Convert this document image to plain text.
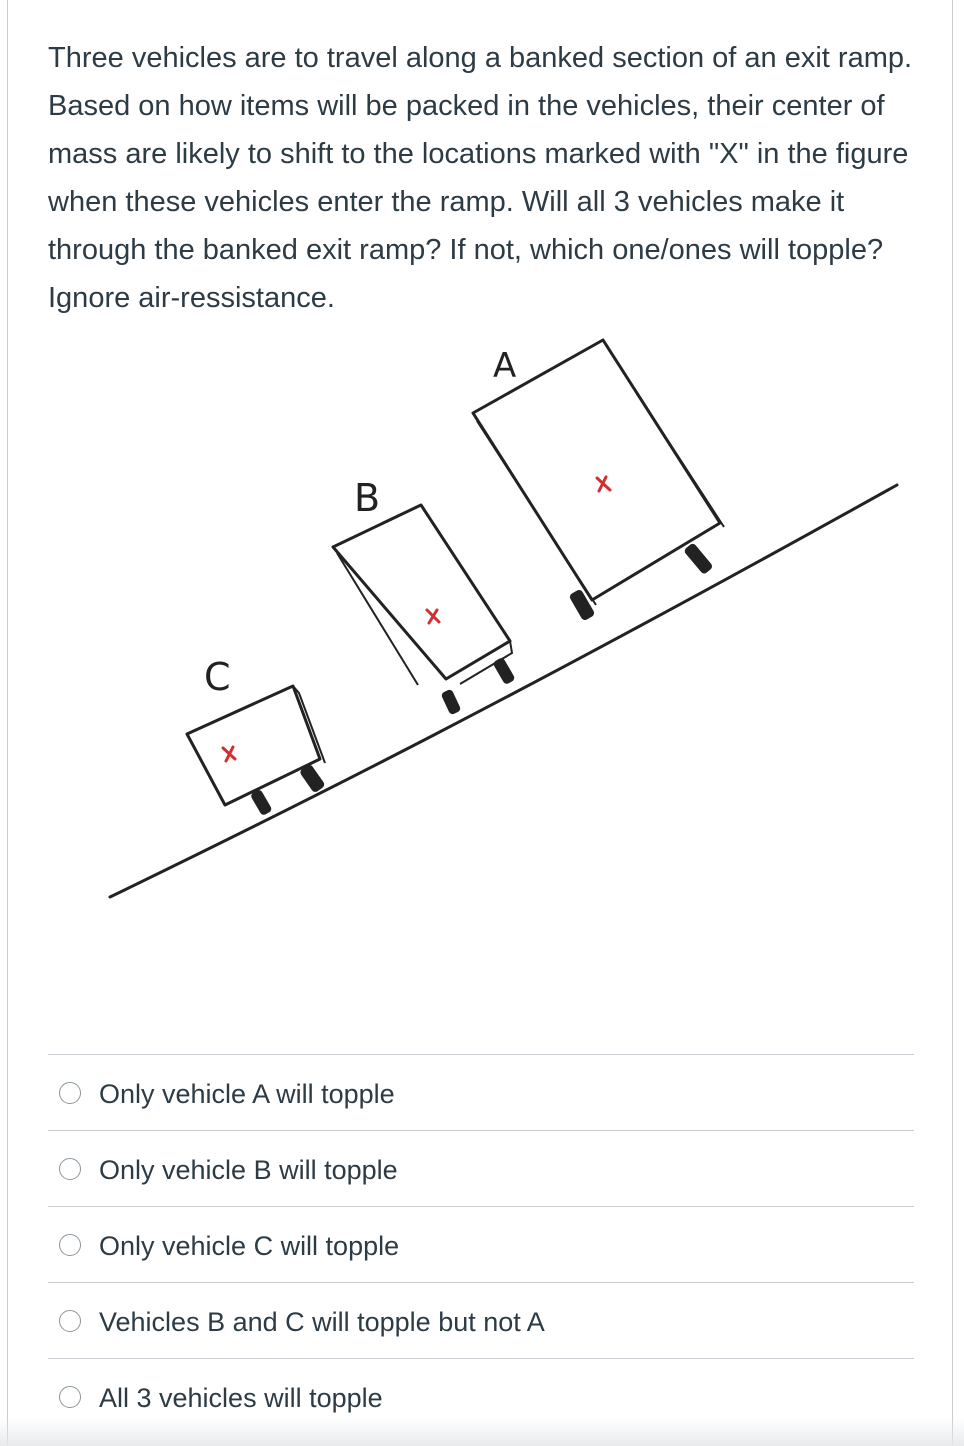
Three vehicles are to travel along a banked section of an exit ramp. Based on how items will be packed in the vehicles, their center of mass are likely to shift to the locations marked with "X" in the figure when these vehicles enter the ramp. Will all 3 vehicles make it through the banked exit ramp? If not, which one/ones will topple? Ignore air-ressistance.

A
B
C
Only vehicle A will topple
Only vehicle B will topple
Only vehicle C will topple
Vehicles B and C will topple but not A
All 3 vehicles will topple
